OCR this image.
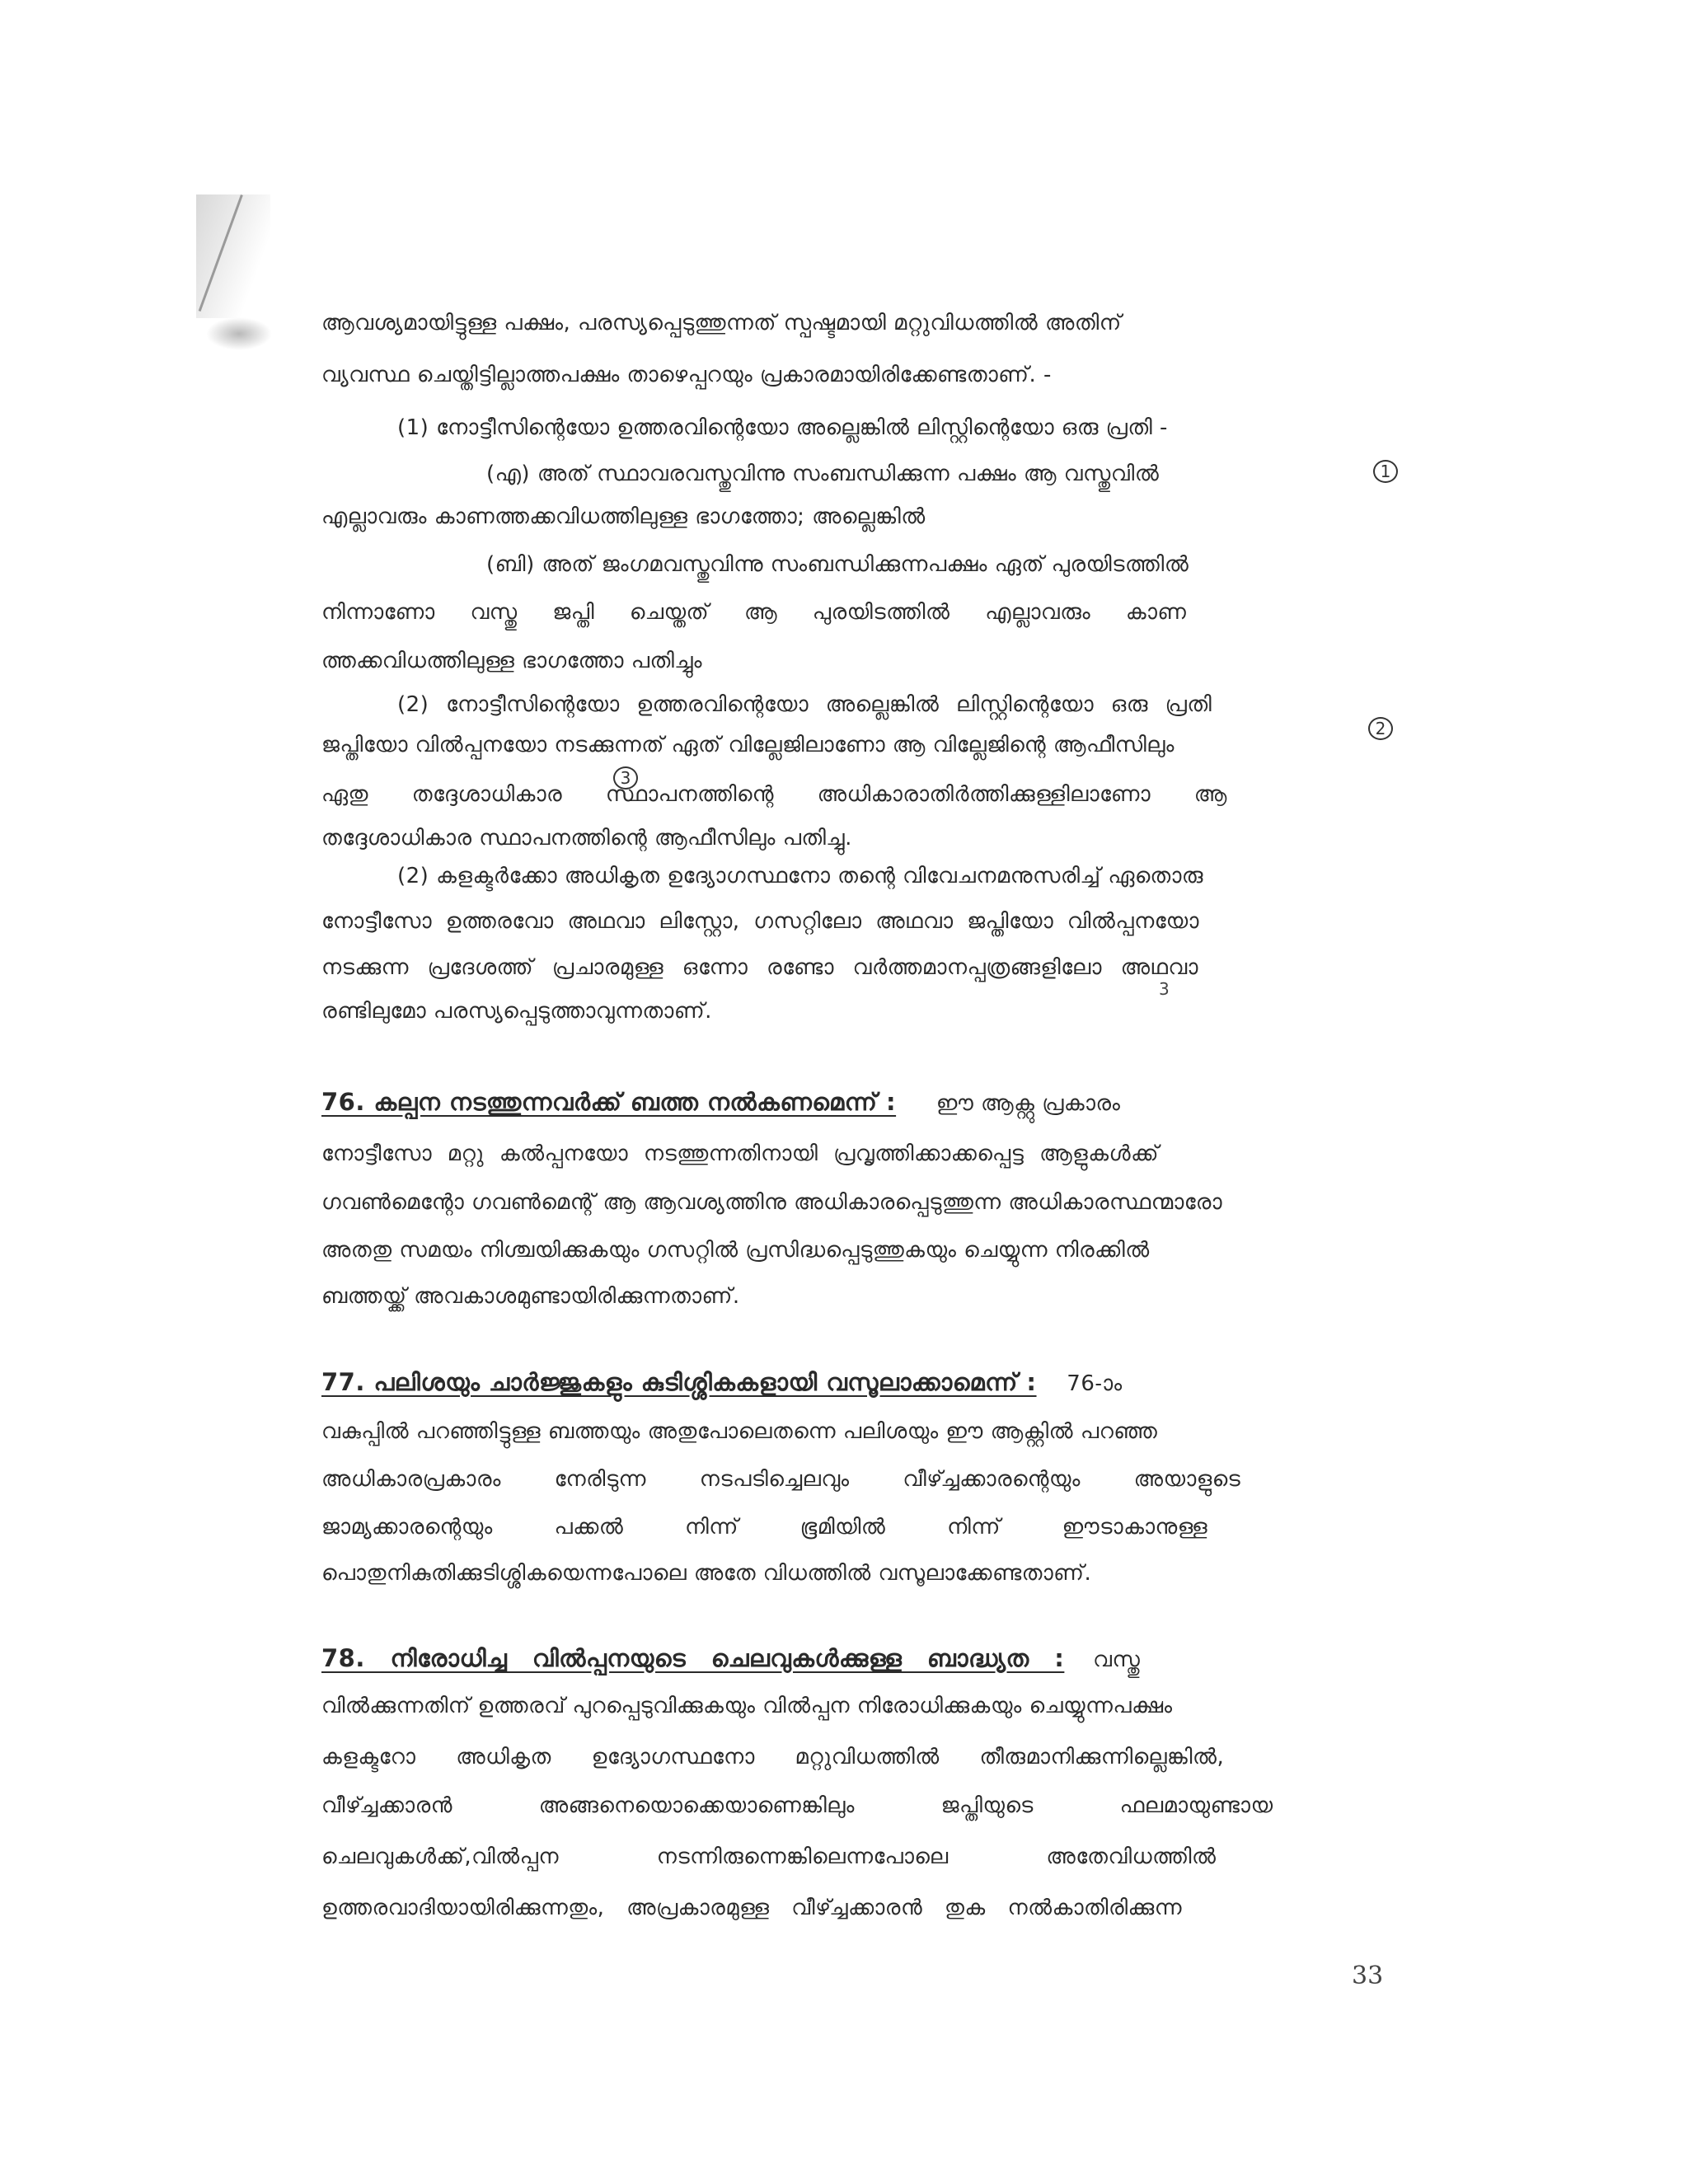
ആവശ്യമായിട്ടുള്ള പക്ഷം, പരസ്യപ്പെടുത്തുന്നത് സ്പഷ്ടമായി മറ്റുവിധത്തിൽ അതിന്
വ്യവസ്ഥ ചെയ്തിട്ടില്ലാത്തപക്ഷം താഴെപ്പറയും പ്രകാരമായിരിക്കേണ്ടതാണ്. -
(1) നോട്ടീസിന്റെയോ ഉത്തരവിന്റെയോ അല്ലെങ്കിൽ ലിസ്റ്റിന്റെയോ ഒരു പ്രതി -
(എ) അത് സ്ഥാവരവസ്തുവിന്നു സംബന്ധിക്കുന്ന പക്ഷം ആ വസ്തുവിൽ	1
എല്ലാവരും കാണത്തക്കവിധത്തിലുള്ള ഭാഗത്തോ; അല്ലെങ്കിൽ
(ബി) അത് ജംഗമവസ്തുവിന്നു സംബന്ധിക്കുന്നപക്ഷം ഏത് പുരയിടത്തിൽ
നിന്നാണോ വസ്തു ജപ്തി ചെയ്തത് ആ പുരയിടത്തിൽ എല്ലാവരും കാണ
ത്തക്കവിധത്തിലുള്ള ഭാഗത്തോ പതിച്ചും
(2) നോട്ടീസിന്റെയോ ഉത്തരവിന്റെയോ അല്ലെങ്കിൽ ലിസ്റ്റിന്റെയോ ഒരു പ്രതി
ജപ്തിയോ വിൽപ്പനയോ നടക്കുന്നത് ഏത് വില്ലേജിലാണോ ആ വില്ലേജിന്റെ ആഫീസിലും
2
ഏതു തദ്ദേശാധികാര സ്ഥാപനത്തിന്റെ അധികാരാതിർത്തിക്കുള്ളിലാണോ ആ
3
തദ്ദേശാധികാര സ്ഥാപനത്തിന്റെ ആഫീസിലും പതിച്ചു.
(2) കളക്ടർക്കോ അധികൃത ഉദ്യോഗസ്ഥനോ തന്റെ വിവേചനമനുസരിച്ച് ഏതൊരു
നോട്ടീസോ ഉത്തരവോ അഥവാ ലിസ്റ്റോ, ഗസറ്റിലോ അഥവാ ജപ്തിയോ വിൽപ്പനയോ
നടക്കുന്ന പ്രദേശത്ത് പ്രചാരമുള്ള ഒന്നോ രണ്ടോ വർത്തമാനപ്പത്രങ്ങളിലോ അഥവാ
3
രണ്ടിലുമോ പരസ്യപ്പെടുത്താവുന്നതാണ്.
76. കല്പന നടത്തുന്നവർക്ക് ബത്ത നൽകണമെന്ന് : ഈ ആക്റ്റു പ്രകാരം
നോട്ടീസോ മറ്റു കൽപ്പനയോ നടത്തുന്നതിനായി പ്രവൃത്തിക്കാക്കപ്പെട്ട ആളുകൾക്ക്
ഗവൺമെന്റോ ഗവൺമെന്റ് ആ ആവശ്യത്തിനു അധികാരപ്പെടുത്തുന്ന അധികാരസ്ഥന്മാരോ
അതതു സമയം നിശ്ചയിക്കുകയും ഗസറ്റിൽ പ്രസിദ്ധപ്പെടുത്തുകയും ചെയ്യുന്ന നിരക്കിൽ
ബത്തയ്ക്ക് അവകാശമുണ്ടായിരിക്കുന്നതാണ്.
77. പലിശയും ചാർജ്ജുകളും കുടിശ്ശികകളായി വസൂലാക്കാമെന്ന് : 76-ാം
വകുപ്പിൽ പറഞ്ഞിട്ടുള്ള ബത്തയും അതുപോലെതന്നെ പലിശയും ഈ ആക്റ്റിൽ പറഞ്ഞ
അധികാരപ്രകാരം നേരിടുന്ന നടപടിച്ചെലവും വീഴ്ച്ചക്കാരന്റെയും അയാളുടെ
ജാമ്യക്കാരന്റെയും പക്കൽ നിന്ന് ഭൂമിയിൽ നിന്ന് ഈടാകാനുള്ള
പൊതുനികുതിക്കുടിശ്ശികയെന്നപോലെ അതേ വിധത്തിൽ വസൂലാക്കേണ്ടതാണ്.
78. നിരോധിച്ച വിൽപ്പനയുടെ ചെലവുകൾക്കുള്ള ബാദ്ധ്യത : വസ്തു
വിൽക്കുന്നതിന് ഉത്തരവ് പുറപ്പെടുവിക്കുകയും വിൽപ്പന നിരോധിക്കുകയും ചെയ്യുന്നപക്ഷം
കളക്ടറോ അധികൃത ഉദ്യോഗസ്ഥനോ മറ്റുവിധത്തിൽ തീരുമാനിക്കുന്നില്ലെങ്കിൽ,
വീഴ്ച്ചക്കാരൻ അങ്ങനെയൊക്കെയാണെങ്കിലും ജപ്തിയുടെ ഫലമായുണ്ടായ
ചെലവുകൾക്ക്,വിൽപ്പന നടന്നിരുന്നെങ്കിലെന്നപോലെ അതേവിധത്തിൽ
ഉത്തരവാദിയായിരിക്കുന്നതും, അപ്രകാരമുള്ള വീഴ്ച്ചക്കാരൻ തുക നൽകാതിരിക്കുന്ന
33
